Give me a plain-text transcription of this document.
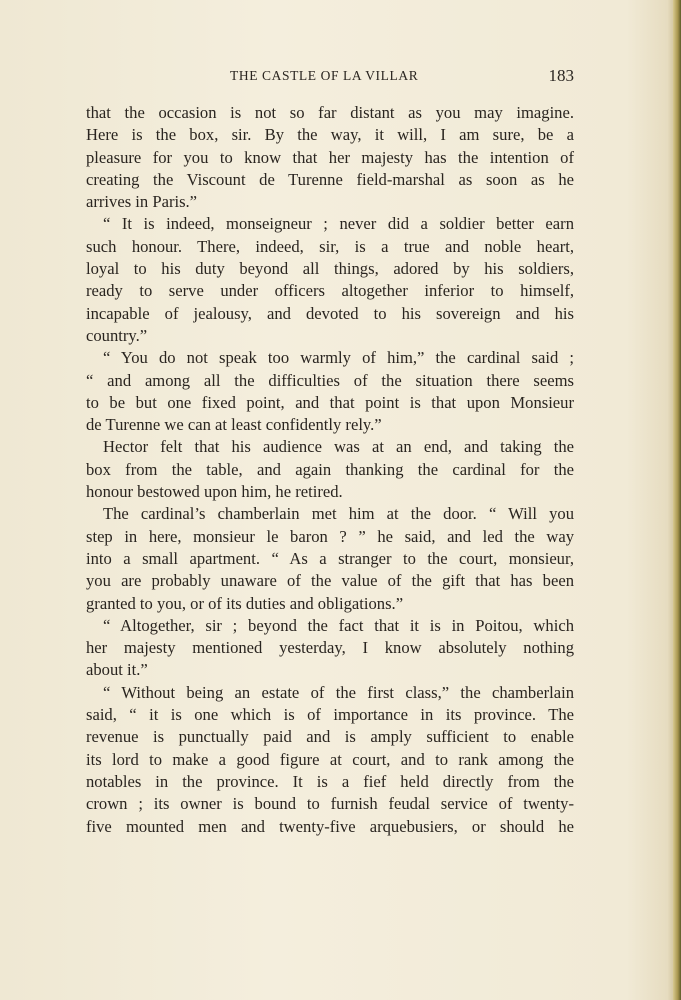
THE CASTLE OF LA VILLAR	183
that the occasion is not so far distant as you may imagine.
Here is the box, sir. By the way, it will, I am sure, be a
pleasure for you to know that her majesty has the intention of
creating the Viscount de Turenne field-marshal as soon as he
arrives in Paris.”
“ It is indeed, monseigneur ; never did a soldier better earn
such honour. There, indeed, sir, is a true and noble heart,
loyal to his duty beyond all things, adored by his soldiers,
ready to serve under officers altogether inferior to himself,
incapable of jealousy, and devoted to his sovereign and his
country.”
“ You do not speak too warmly of him,” the cardinal said ;
“ and among all the difficulties of the situation there seems
to be but one fixed point, and that point is that upon Monsieur
de Turenne we can at least confidently rely.”
Hector felt that his audience was at an end, and taking the
box from the table, and again thanking the cardinal for the
honour bestowed upon him, he retired.
The cardinal’s chamberlain met him at the door. “ Will you
step in here, monsieur le baron ? ” he said, and led the way
into a small apartment. “ As a stranger to the court, monsieur,
you are probably unaware of the value of the gift that has been
granted to you, or of its duties and obligations.”
“ Altogether, sir ; beyond the fact that it is in Poitou, which
her majesty mentioned yesterday, I know absolutely nothing
about it.”
“ Without being an estate of the first class,” the chamberlain
said, “ it is one which is of importance in its province. The
revenue is punctually paid and is amply sufficient to enable
its lord to make a good figure at court, and to rank among the
notables in the province. It is a fief held directly from the
crown ; its owner is bound to furnish feudal service of twenty-
five mounted men and twenty-five arquebusiers, or should he
